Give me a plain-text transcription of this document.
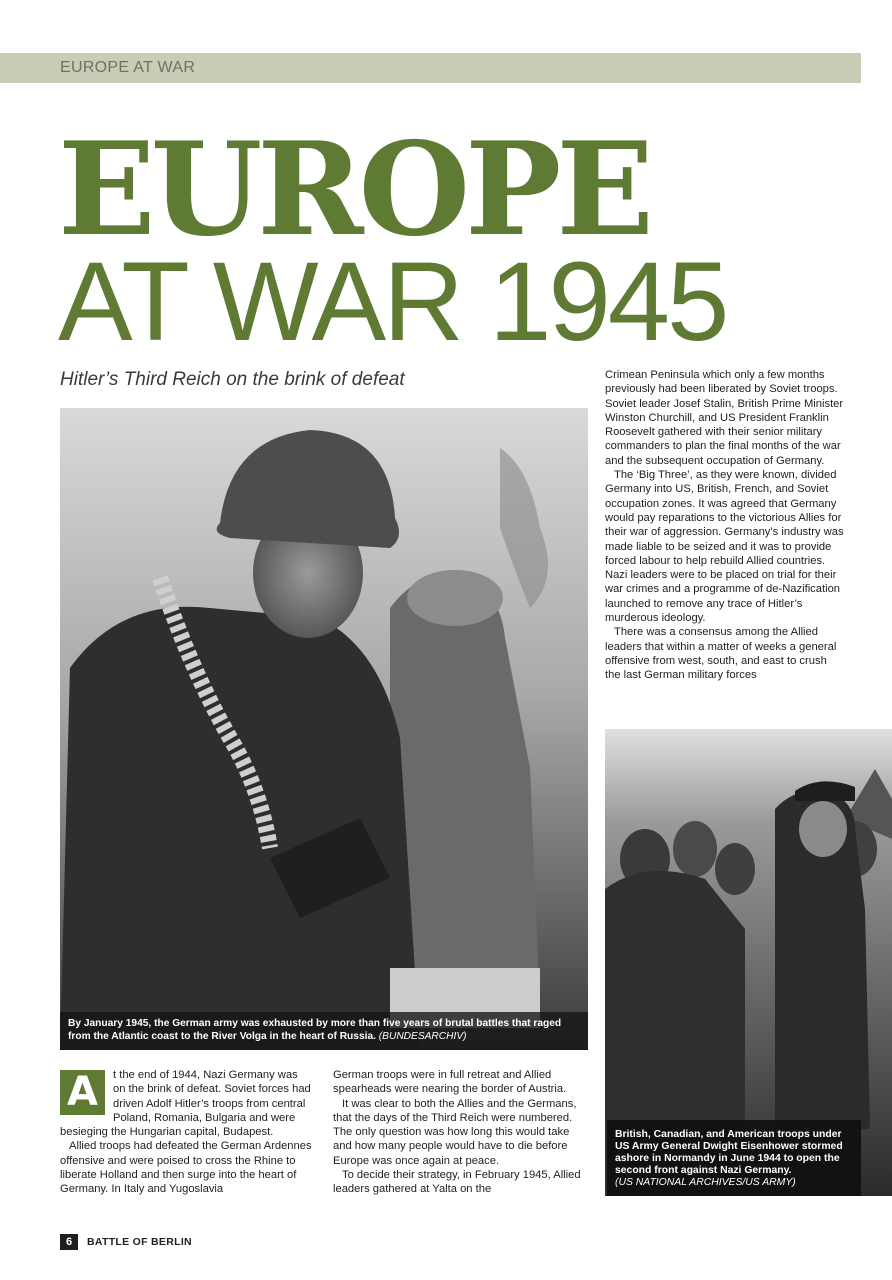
EUROPE AT WAR
EUROPE
AT WAR 1945
Hitler’s Third Reich on the brink of defeat
By January 1945, the German army was exhausted by more than five years of brutal battles that raged from the Atlantic coast to the River Volga in the heart of Russia. (BUNDESARCHIV)
British, Canadian, and American troops under US Army General Dwight Eisenhower stormed ashore in Normandy in June 1944 to open the second front against Nazi Germany.
(US NATIONAL ARCHIVES/US ARMY)
A	t the end of 1944, Nazi Germany was on the brink of defeat. Soviet forces had driven Adolf Hitler’s troops from central Poland, Romania, Bulgaria and were besieging the Hungarian capital, Budapest.

Allied troops had defeated the German Ardennes offensive and were poised to cross the Rhine to liberate Holland and then surge into the heart of Germany. In Italy and Yugoslavia

German troops were in full retreat and Allied spearheads were nearing the border of Austria.

It was clear to both the Allies and the Germans, that the days of the Third Reich were numbered. The only question was how long this would take and how many people would have to die before Europe was once again at peace.

To decide their strategy, in February 1945, Allied leaders gathered at Yalta on the

Crimean Peninsula which only a few months previously had been liberated by Soviet troops. Soviet leader Josef Stalin, British Prime Minister Winston Churchill, and US President Franklin Roosevelt gathered with their senior military commanders to plan the final months of the war and the subsequent occupation of Germany.

The ‘Big Three’, as they were known, divided Germany into US, British, French, and Soviet occupation zones. It was agreed that Germany would pay reparations to the victorious Allies for their war of aggression. Germany’s industry was made liable to be seized and it was to provide forced labour to help rebuild Allied countries. Nazi leaders were to be placed on trial for their war crimes and a programme of de-Nazification launched to remove any trace of Hitler’s murderous ideology.

There was a consensus among the Allied leaders that within a matter of weeks a general offensive from west, south, and east to crush the last German military forces

6	BATTLE OF BERLIN
